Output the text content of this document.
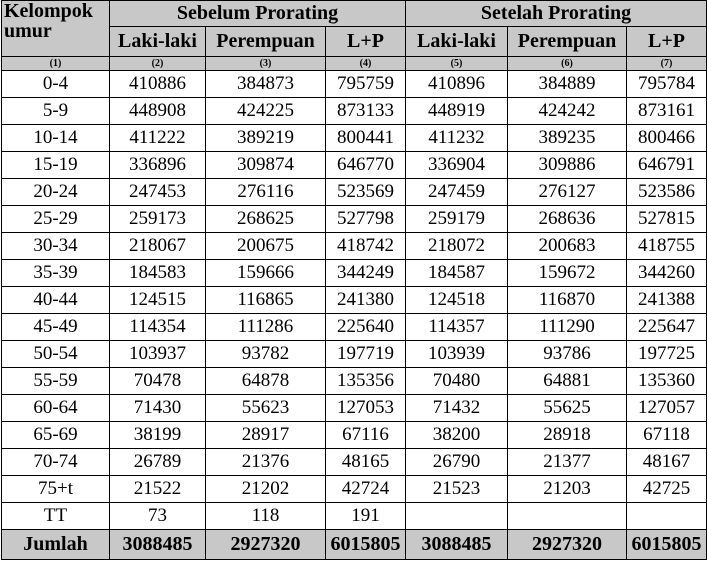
Kelompok umur	Sebelum Prorating			Setelah Prorating		
	Laki-laki	Perempuan	L+P	Laki-laki	Perempuan	L+P
(1)	(2)	(3)	(4)	(5)	(6)	(7)
0-4	410886	384873	795759	410896	384889	795784
5-9	448908	424225	873133	448919	424242	873161
10-14	411222	389219	800441	411232	389235	800466
15-19	336896	309874	646770	336904	309886	646791
20-24	247453	276116	523569	247459	276127	523586
25-29	259173	268625	527798	259179	268636	527815
30-34	218067	200675	418742	218072	200683	418755
35-39	184583	159666	344249	184587	159672	344260
40-44	124515	116865	241380	124518	116870	241388
45-49	114354	111286	225640	114357	111290	225647
50-54	103937	93782	197719	103939	93786	197725
55-59	70478	64878	135356	70480	64881	135360
60-64	71430	55623	127053	71432	55625	127057
65-69	38199	28917	67116	38200	28918	67118
70-74	26789	21376	48165	26790	21377	48167
75+t	21522	21202	42724	21523	21203	42725
TT	73	118	191			
Jumlah	3088485	2927320	6015805	3088485	2927320	6015805
